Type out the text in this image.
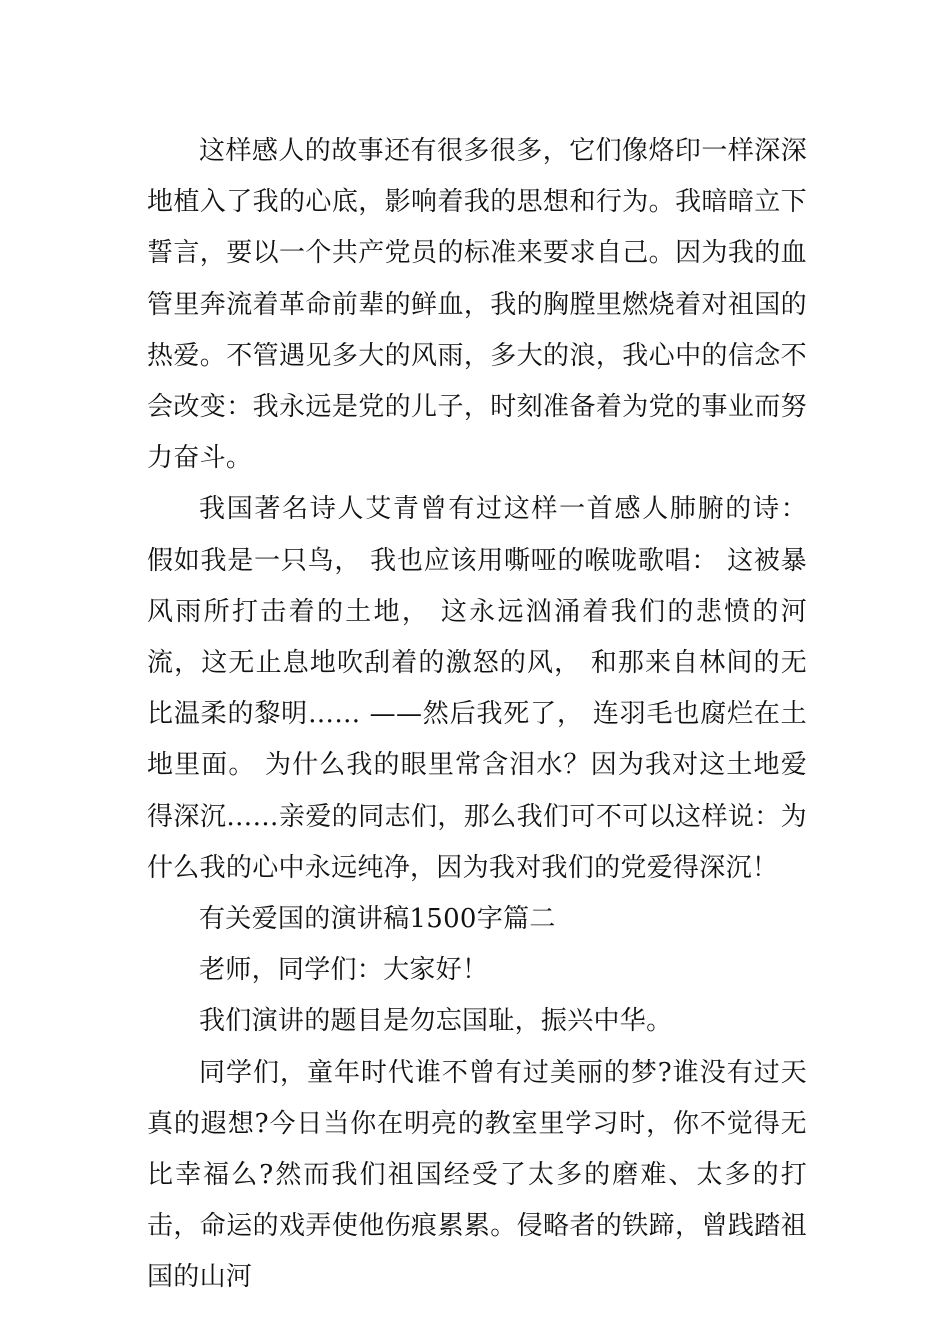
这样感人的故事还有很多很多，它们像烙印一样深深地植入了我的心底，影响着我的思想和行为。我暗暗立下誓言，要以一个共产党员的标准来要求自己。因为我的血管里奔流着革命前辈的鲜血，我的胸膛里燃烧着对祖国的热爱。不管遇见多大的风雨，多大的浪，我心中的信念不会改变：我永远是党的儿子，时刻准备着为党的事业而努力奋斗。

我国著名诗人艾青曾有过这样一首感人肺腑的诗： 假如我是一只鸟， 我也应该用嘶哑的喉咙歌唱： 这被暴风雨所打击着的土地， 这永远汹涌着我们的悲愤的河流，这无止息地吹刮着的激怒的风， 和那来自林间的无比温柔的黎明…… ——然后我死了， 连羽毛也腐烂在土地里面。 为什么我的眼里常含泪水？因为我对这土地爱得深沉……亲爱的同志们，那么我们可不可以这样说：为什么我的心中永远纯净，因为我对我们的党爱得深沉！

有关爱国的演讲稿1500字篇二

老师，同学们：大家好！

我们演讲的题目是勿忘国耻，振兴中华。

同学们，童年时代谁不曾有过美丽的梦?谁没有过天真的遐想?今日当你在明亮的教室里学习时，你不觉得无比幸福么?然而我们祖国经受了太多的磨难、太多的打击，命运的戏弄使他伤痕累累。侵略者的铁蹄，曾践踏祖国的山河
